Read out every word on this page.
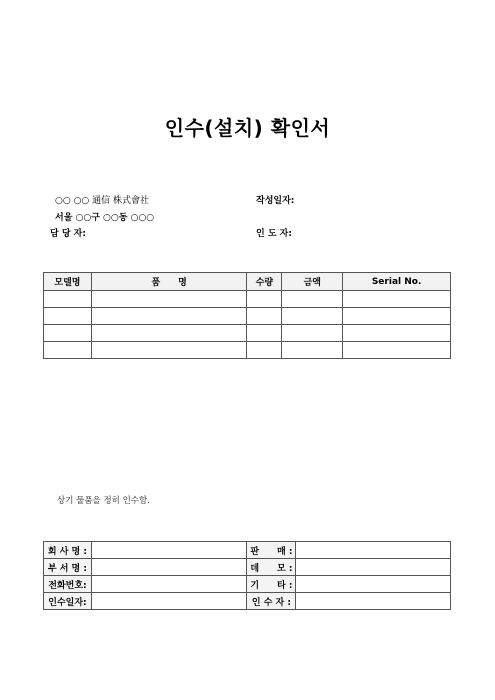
인수(설치) 확인서
○○ ○○ 通信 株式會社
서울 ○○구 ○○동 ○○○
담 당 자:
작성일자:
인 도 자:
모델명	품　　명	수량	금액	Serial No.

상기 물품을 정히 인수함.
회 사 명 :		판　　매 :	
부 서 명 :		데　　모 :	
전화번호:		기　　타 :	
인수일자:		인 수 자 :	
